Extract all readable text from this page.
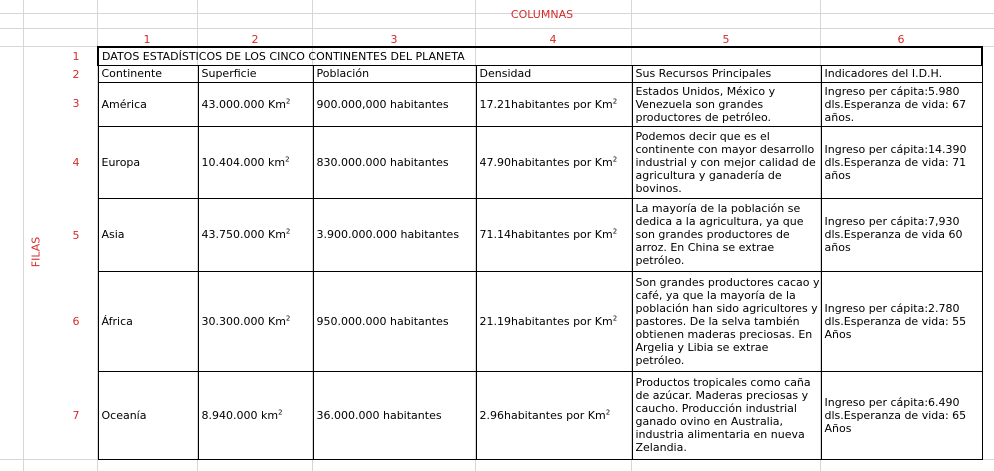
COLUMNAS
1	2	3	4	5	6
FILAS
1
2
3
4
5
6
7
DATOS ESTADÍSTICOS DE LOS CINCO CONTINENTES DEL PLANETA					
Continente	Superficie	Población	Densidad	Sus Recursos Principales	Indicadores del I.D.H.
América	43.000.000 Km$^2$	900.000,000 habitantes	17.21habitantes por Km$^2$	Estados Unidos, México y Venezuela son grandes productores de petróleo.	Ingreso per cápita:5.980 dls.Esperanza de vida: 67 años.
Europa	10.404.000 $km^2$	830.000.000 habitantes	47.90habitantes por Km$^2$	Podemos decir que es el continente con mayor desarrollo industrial y con mejor calidad de agricultura y ganadería de bovinos.	Ingreso per cápita:14.390 dls.Esperanza de vida: 71 años
Asia	43.750.000 Km$^2$	3.900.000.000 habitantes	71.14habitantes por Km$^2$	La mayoría de la población se dedica a la agricultura, ya que son grandes productores de arroz. En China se extrae petróleo.	Ingreso per cápita:7,930 dls.Esperanza de vida 60 años
África	30.300.000 Km$^2$	950.000.000 habitantes	21.19habitantes por Km$^2$	Son grandes productores cacao y café, ya que la mayoría de la población han sido agricultores y pastores. De la selva también obtienen maderas preciosas. En Argelia y Libia se extrae petróleo.	Ingreso per cápita:2.780 dls.Esperanza de vida: 55 Años
Oceanía	8.940.000 $km^2$	36.000.000 habitantes	2.96habitantes por Km$^2$	Productos tropicales como caña de azúcar. Maderas preciosas y caucho. Producción industrial ganado ovino en Australia, industria alimentaria en nueva Zelandia.	Ingreso per cápita:6.490 dls.Esperanza de vida: 65 Años
